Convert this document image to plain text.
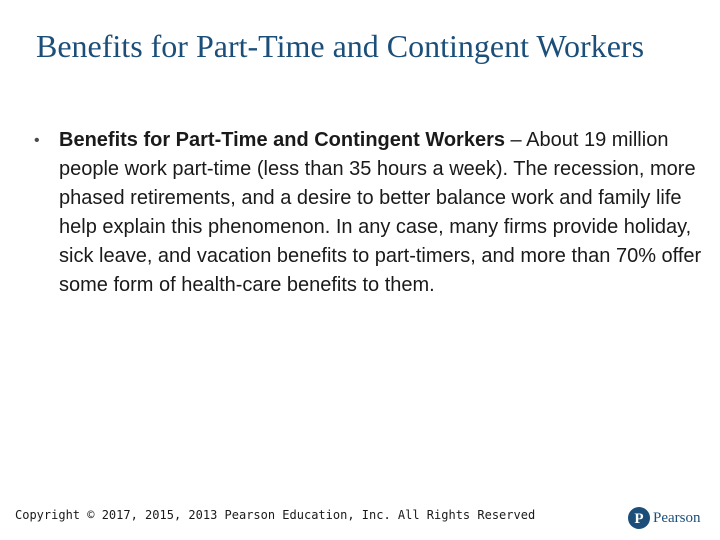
Benefits for Part-Time and Contingent Workers
• Benefits for Part-Time and Contingent Workers – About 19 million people work part-time (less than 35 hours a week). The recession, more phased retirements, and a desire to better balance work and family life help explain this phenomenon. In any case, many firms provide holiday, sick leave, and vacation benefits to part-timers, and more than 70% offer some form of health-care benefits to them.
Copyright © 2017, 2015, 2013 Pearson Education, Inc. All Rights Reserved	P Pearson
